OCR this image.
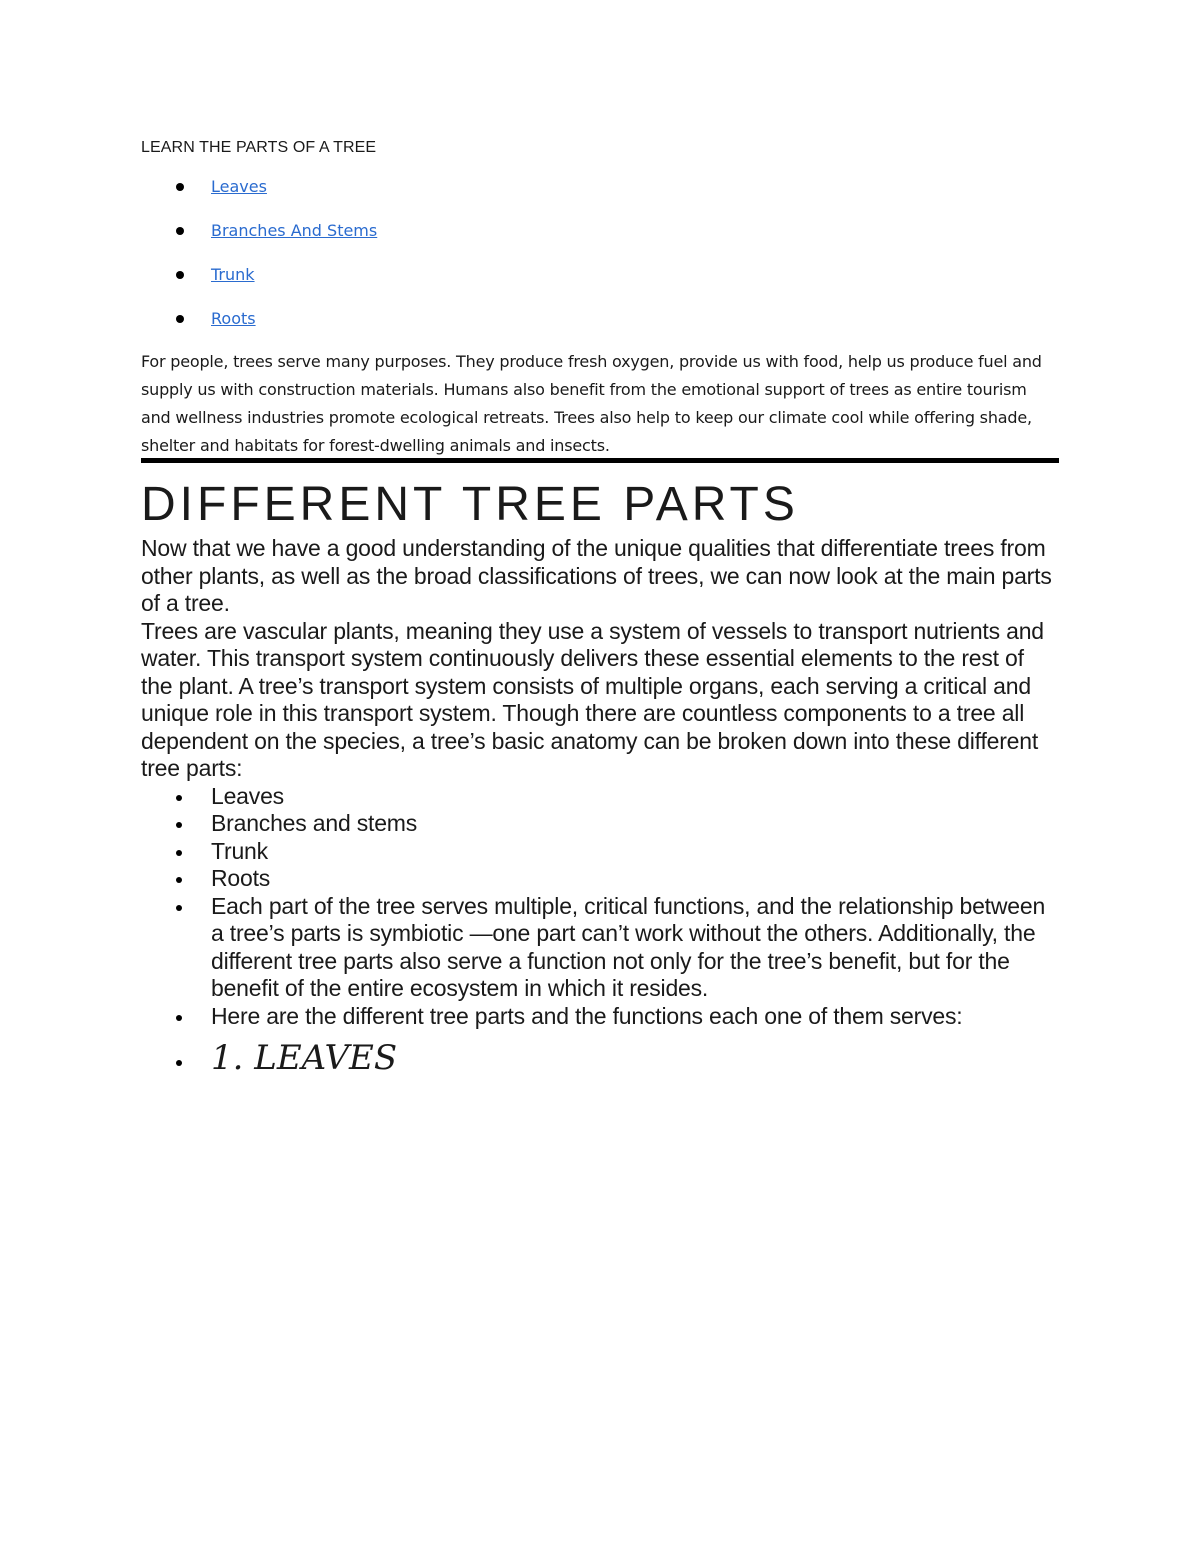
LEARN THE PARTS OF A TREE

Leaves
Branches And Stems
Trunk
Roots

For people, trees serve many purposes. They produce fresh oxygen, provide us with food, help us produce fuel and supply us with construction materials. Humans also benefit from the emotional support of trees as entire tourism and wellness industries promote ecological retreats. Trees also help to keep our climate cool while offering shade, shelter and habitats for forest-dwelling animals and insects.

DIFFERENT TREE PARTS

Now that we have a good understanding of the unique qualities that differentiate trees from other plants, as well as the broad classifications of trees, we can now look at the main parts of a tree.

Trees are vascular plants, meaning they use a system of vessels to transport nutrients and water. This transport system continuously delivers these essential elements to the rest of the plant. A tree’s transport system consists of multiple organs, each serving a critical and unique role in this transport system. Though there are countless components to a tree all dependent on the species, a tree’s basic anatomy can be broken down into these different tree parts:

Leaves
Branches and stems
Trunk
Roots
Each part of the tree serves multiple, critical functions, and the relationship between a tree’s parts is symbiotic —one part can’t work without the others. Additionally, the different tree parts also serve a function not only for the tree’s benefit, but for the benefit of the entire ecosystem in which it resides.
Here are the different tree parts and the functions each one of them serves:
1. LEAVES
